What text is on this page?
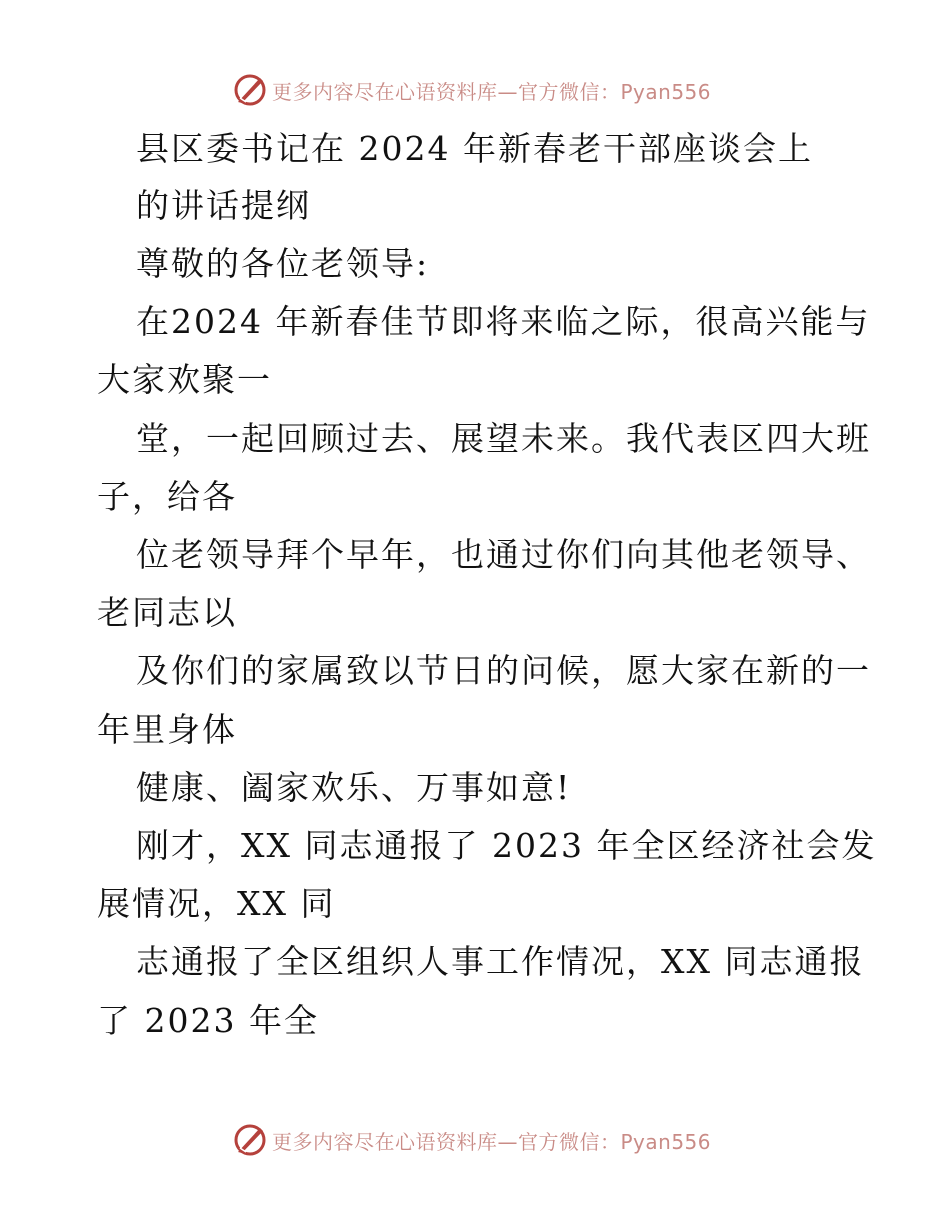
更多内容尽在心语资料库—官方微信：Pyan556
县区委书记在 2024 年新春老干部座谈会上
的讲话提纲
尊敬的各位老领导:
在2024 年新春佳节即将来临之际，很高兴能与
大家欢聚一
堂，一起回顾过去、展望未来。我代表区四大班
子，给各
位老领导拜个早年，也通过你们向其他老领导、
老同志以
及你们的家属致以节日的问候，愿大家在新的一
年里身体
健康、阖家欢乐、万事如意!
刚才，XX 同志通报了 2023 年全区经济社会发
展情况，XX 同
志通报了全区组织人事工作情况，XX 同志通报
了 2023 年全
更多内容尽在心语资料库—官方微信：Pyan556
